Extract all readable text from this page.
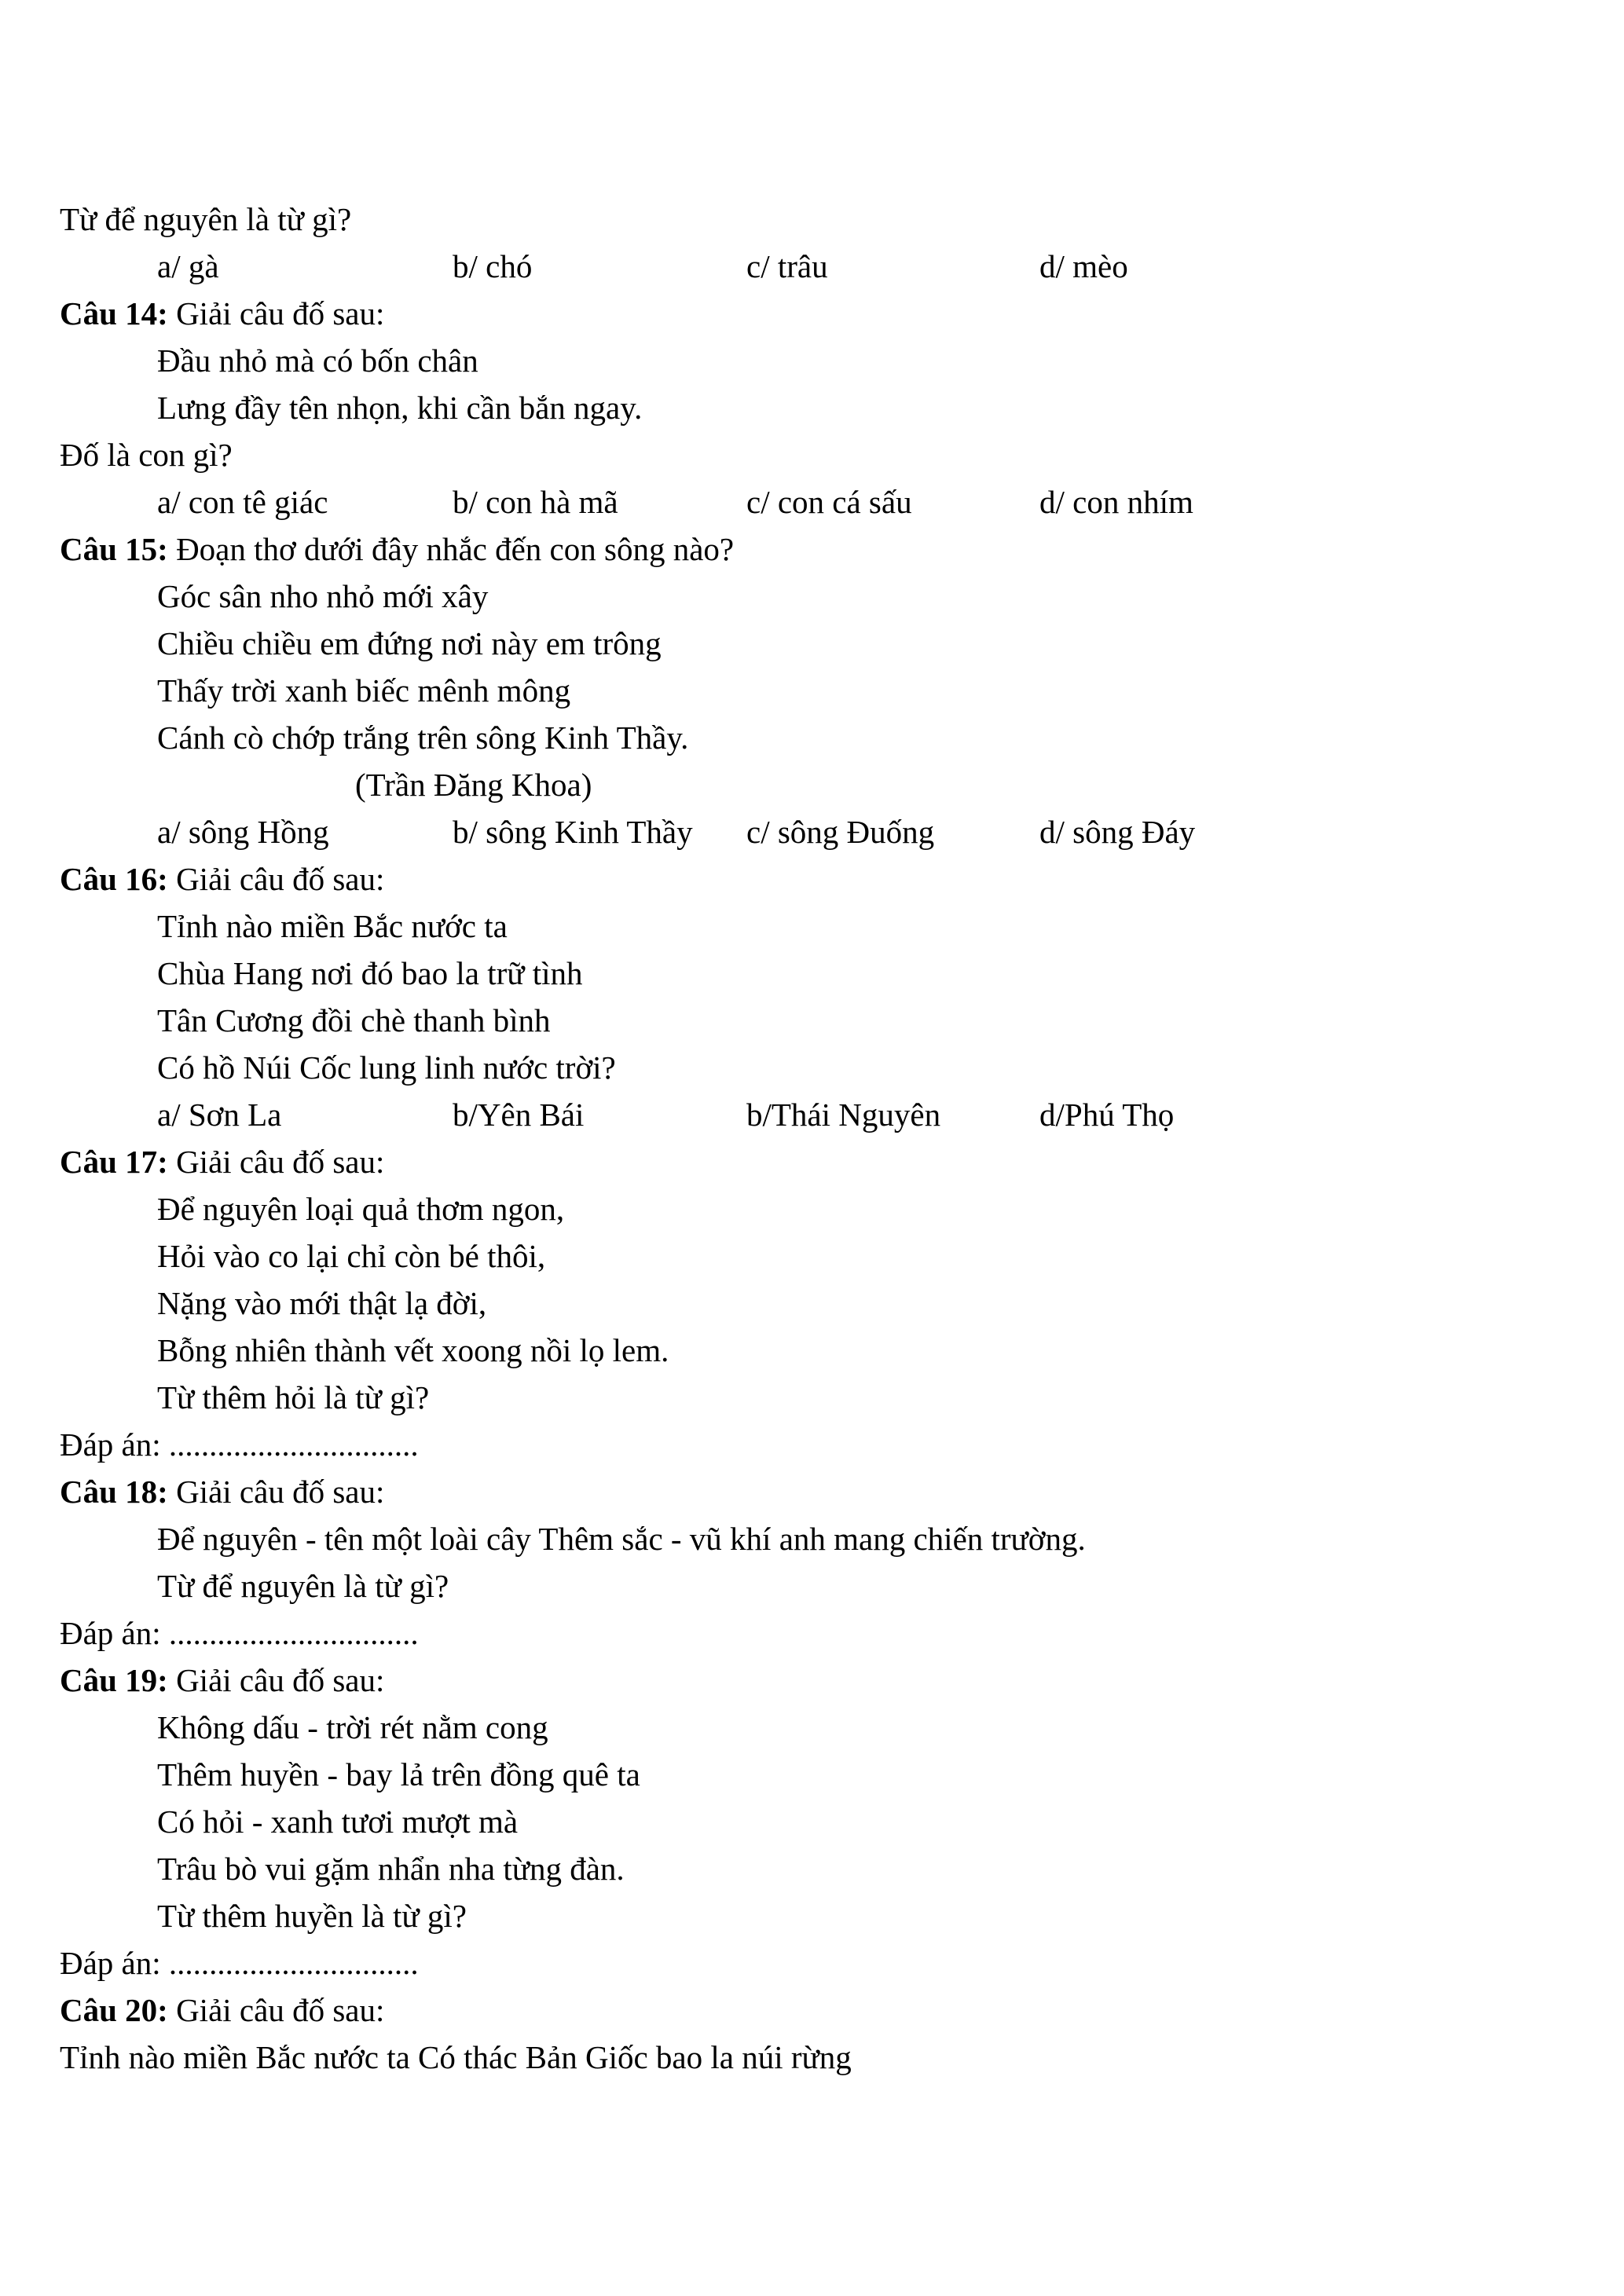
Từ để nguyên là từ gì?
a/ gà	b/ chó	c/ trâu	d/ mèo
Câu 14: Giải câu đố sau:
Đầu nhỏ mà có bốn chân
Lưng đầy tên nhọn, khi cần bắn ngay.
Đố là con gì?
a/ con tê giác	b/ con hà mã	c/ con cá sấu	d/ con nhím
Câu 15: Đoạn thơ dưới đây nhắc đến con sông nào?
Góc sân nho nhỏ mới xây
Chiều chiều em đứng nơi này em trông
Thấy trời xanh biếc mênh mông
Cánh cò chớp trắng trên sông Kinh Thầy.
(Trần Đăng Khoa)
a/ sông Hồng	b/ sông Kinh Thầy c/ sông Đuống	d/ sông Đáy
Câu 16: Giải câu đố sau:
Tỉnh nào miền Bắc nước ta
Chùa Hang nơi đó bao la trữ tình
Tân Cương đồi chè thanh bình
Có hồ Núi Cốc lung linh nước trời?
a/ Sơn La	b/Yên Bái	b/Thái Nguyên	d/Phú Thọ
Câu 17: Giải câu đố sau:
Để nguyên loại quả thơm ngon,
Hỏi vào co lại chỉ còn bé thôi,
Nặng vào mới thật lạ đời,
Bỗng nhiên thành vết xoong nồi lọ lem.
Từ thêm hỏi là từ gì?
Đáp án: ...............................
Câu 18: Giải câu đố sau:
Để nguyên - tên một loài cây Thêm sắc - vũ khí anh mang chiến trường.
Từ để nguyên là từ gì?
Đáp án: ...............................
Câu 19: Giải câu đố sau:
Không dấu - trời rét nằm cong
Thêm huyền - bay lả trên đồng quê ta
Có hỏi - xanh tươi mượt mà
Trâu bò vui gặm nhẩn nha từng đàn.
Từ thêm huyền là từ gì?
Đáp án: ...............................
Câu 20: Giải câu đố sau:
Tỉnh nào miền Bắc nước ta Có thác Bản Giốc bao la núi rừng
